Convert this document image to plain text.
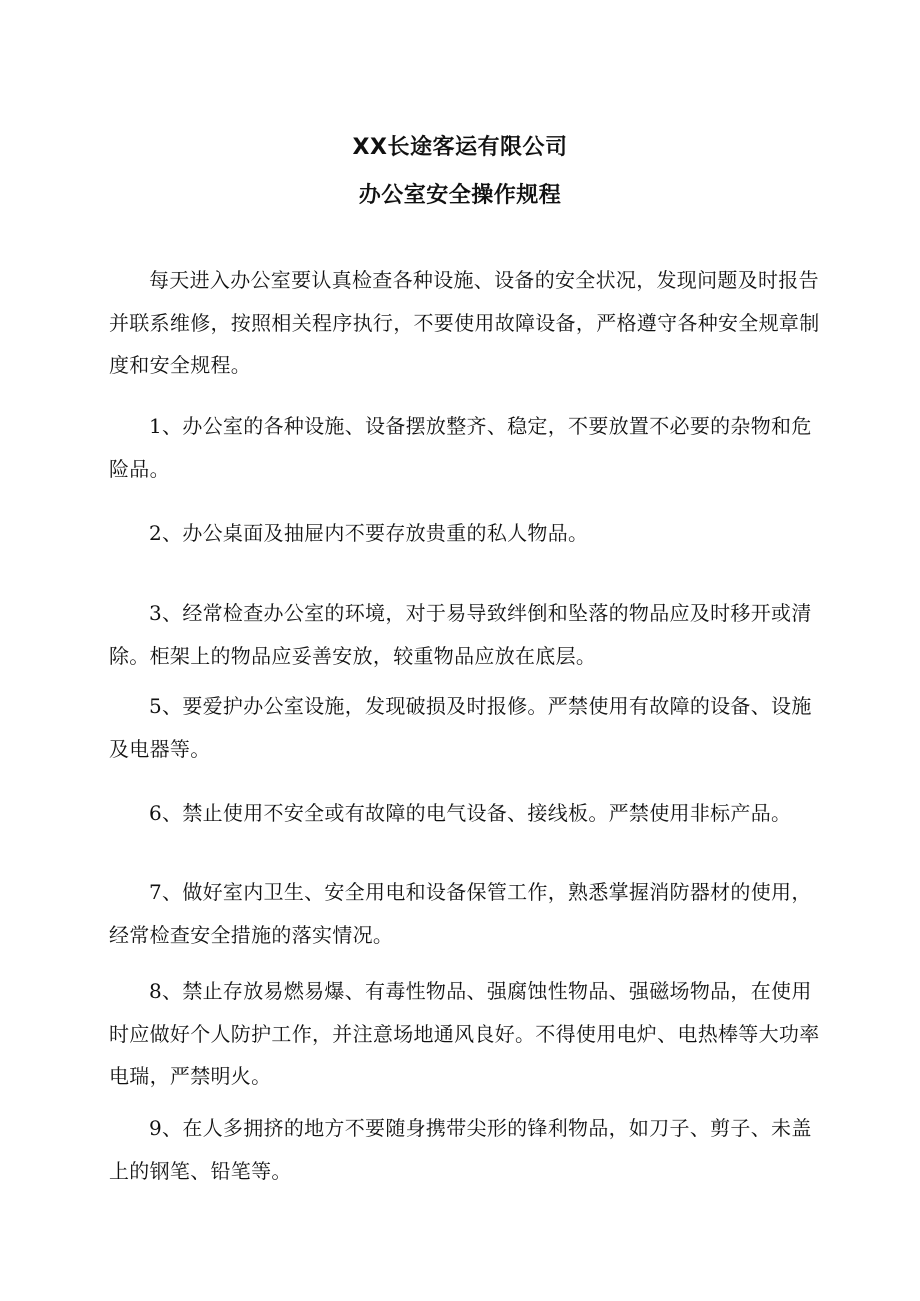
XX长途客运有限公司
办公室安全操作规程
每天进入办公室要认真检查各种设施、设备的安全状况，发现问题及时报告并联系维修，按照相关程序执行，不要使用故障设备，严格遵守各种安全规章制度和安全规程。
1、办公室的各种设施、设备摆放整齐、稳定，不要放置不必要的杂物和危险品。
2、办公桌面及抽屉内不要存放贵重的私人物品。
3、经常检查办公室的环境，对于易导致绊倒和坠落的物品应及时移开或清除。柜架上的物品应妥善安放，较重物品应放在底层。
5、要爱护办公室设施，发现破损及时报修。严禁使用有故障的设备、设施及电器等。
6、禁止使用不安全或有故障的电气设备、接线板。严禁使用非标产品。
7、做好室内卫生、安全用电和设备保管工作，熟悉掌握消防器材的使用，经常检查安全措施的落实情况。
8、禁止存放易燃易爆、有毒性物品、强腐蚀性物品、强磁场物品，在使用时应做好个人防护工作，并注意场地通风良好。不得使用电炉、电热棒等大功率电瑞，严禁明火。
9、在人多拥挤的地方不要随身携带尖形的锋利物品，如刀子、剪子、未盖上的钢笔、铅笔等。
